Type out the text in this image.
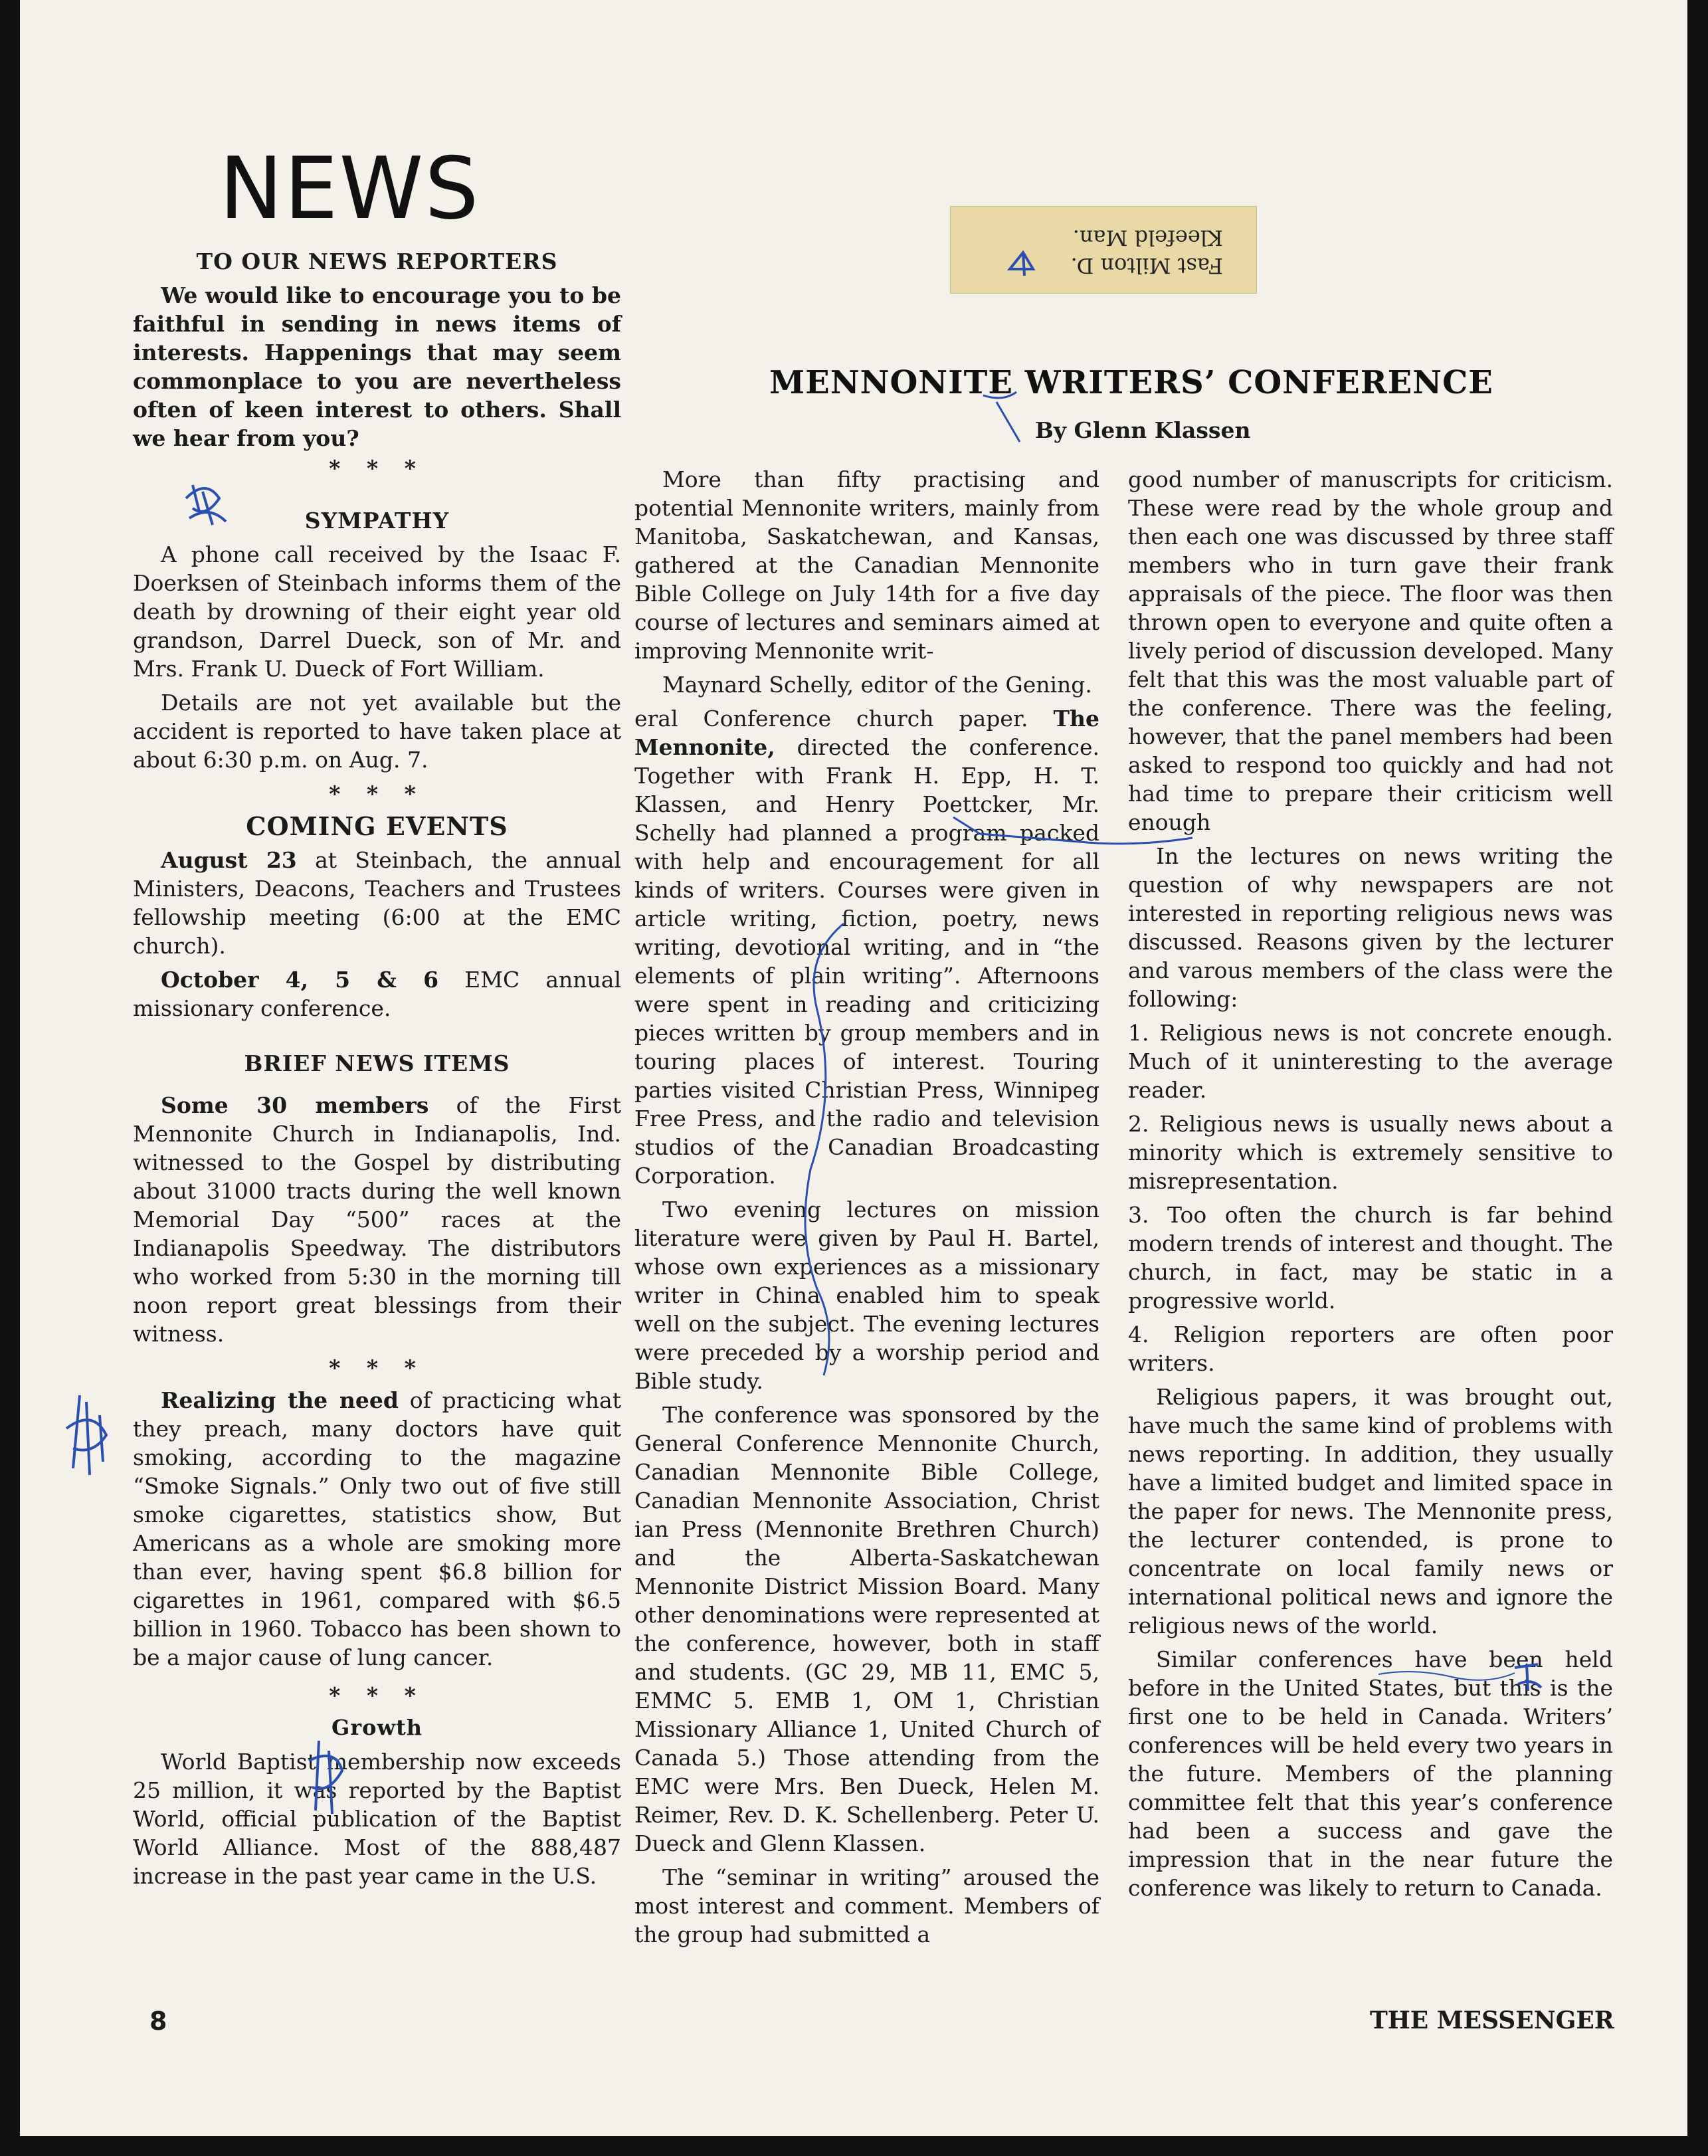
NEWS
Fast Milton D.
Kleefeld Man.
TO OUR NEWS REPORTERS

We would like to encourage you to be faithful in sending in news items of interests. Happenings that may seem commonplace to you are nevertheless often of keen interest to others. Shall we hear from you?

* * *
SYMPATHY

A phone call received by the Isaac F. Doerksen of Steinbach informs them of the death by drowning of their eight year old grandson, Darrel Dueck, son of Mr. and Mrs. Frank U. Dueck of Fort William.

Details are not yet available but the accident is reported to have taken place at about 6:30 p.m. on Aug. 7.

* * *
COMING EVENTS

August 23 at Steinbach, the annual Ministers, Deacons, Teachers and Trustees fellowship meeting (6:00 at the EMC church).

October 4, 5 & 6 EMC annual missionary conference.

BRIEF NEWS ITEMS

Some 30 members of the First Mennonite Church in Indianapolis, Ind. witnessed to the Gospel by distributing about 31000 tracts during the well known Memorial Day “500” races at the Indianapolis Speedway. The distributors who worked from 5:30 in the morning till noon report great blessings from their witness.

* * *

Realizing the need of practicing what they preach, many doctors have quit smoking, according to the magazine “Smoke Signals.” Only two out of five still smoke cigarettes, statistics show, But Americans as a whole are smoking more than ever, having spent $6.8 billion for cigarettes in 1961, compared with $6.5 billion in 1960. Tobacco has been shown to be a major cause of lung cancer.

* * *
Growth

World Baptist membership now exceeds 25 million, it was reported by the Baptist World, official publication of the Baptist World Alliance. Most of the 888,487 increase in the past year came in the U.S.

MENNONITE WRITERS’ CONFERENCE
By Glenn Klassen

More than fifty practising and potential Mennonite writers, mainly from Manitoba, Saskatchewan, and Kansas, gathered at the Canadian Mennonite Bible College on July 14th for a five day course of lectures and seminars aimed at improving Mennonite writ-

Maynard Schelly, editor of the Gening.

eral Conference church paper. The Mennonite, directed the conference. Together with Frank H. Epp, H. T. Klassen, and Henry Poettcker, Mr. Schelly had planned a program packed with help and encouragement for all kinds of writers. Courses were given in article writing, fiction, poetry, news writing, devotional writing, and in “the elements of plain writing”. Afternoons were spent in reading and criticizing pieces written by group members and in touring places of interest. Touring parties visited Christian Press, Winnipeg Free Press, and the radio and television studios of the Canadian Broadcasting Corporation.

Two evening lectures on mission literature were given by Paul H. Bartel, whose own experiences as a missionary writer in China enabled him to speak well on the subject. The evening lectures were preceded by a worship period and Bible study.

The conference was sponsored by the General Conference Mennonite Church, Canadian Mennonite Bible College, Canadian Mennonite Association, Christ ian Press (Mennonite Brethren Church) and the Alberta-Saskatchewan Mennonite District Mission Board. Many other denominations were represented at the conference, however, both in staff and students. (GC 29, MB 11, EMC 5, EMMC 5. EMB 1, OM 1, Christian Missionary Alliance 1, United Church of Canada 5.) Those attending from the EMC were Mrs. Ben Dueck, Helen M. Reimer, Rev. D. K. Schellenberg. Peter U. Dueck and Glenn Klassen.

The “seminar in writing” aroused the most interest and comment. Members of the group had submitted a

good number of manuscripts for criticism. These were read by the whole group and then each one was discussed by three staff members who in turn gave their frank appraisals of the piece. The floor was then thrown open to everyone and quite often a lively period of discussion developed. Many felt that this was the most valuable part of the conference. There was the feeling, however, that the panel members had been asked to respond too quickly and had not had time to prepare their criticism well enough

In the lectures on news writing the question of why newspapers are not interested in reporting religious news was discussed. Reasons given by the lecturer and varous members of the class were the following:

1. Religious news is not concrete enough. Much of it uninteresting to the average reader.
2. Religious news is usually news about a minority which is extremely sensitive to misrepresentation.
3. Too often the church is far behind modern trends of interest and thought. The church, in fact, may be static in a progressive world.
4. Religion reporters are often poor writers.

Religious papers, it was brought out, have much the same kind of problems with news reporting. In addition, they usually have a limited budget and limited space in the paper for news. The Mennonite press, the lecturer contended, is prone to concentrate on local family news or international political news and ignore the religious news of the world.

Similar conferences have been held before in the United States, but this is the first one to be held in Canada. Writers’ conferences will be held every two years in the future. Members of the planning committee felt that this year’s conference had been a success and gave the impression that in the near future the conference was likely to return to Canada.

8	THE MESSENGER
